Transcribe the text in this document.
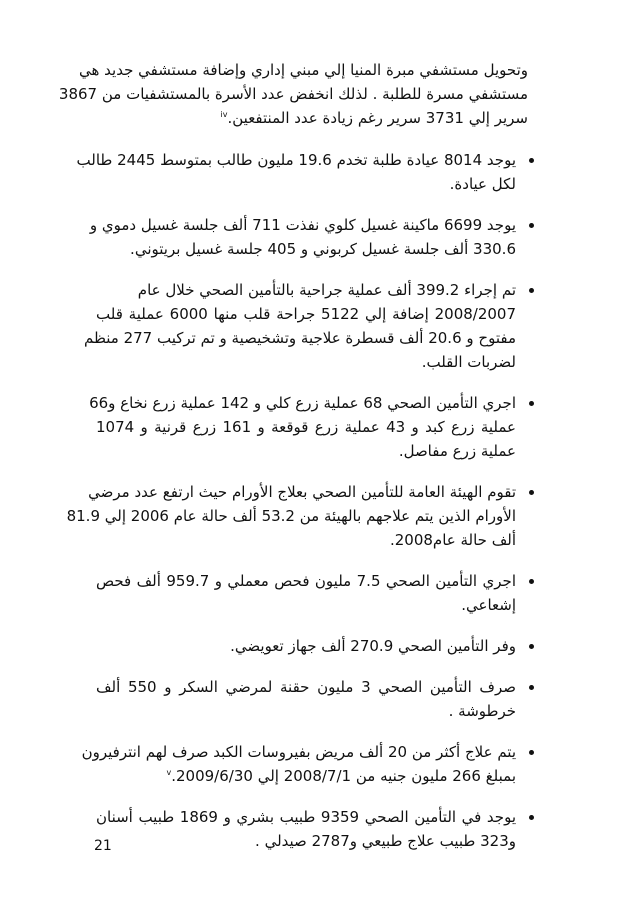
وتحويل مستشفي مبرة المنيا إلي مبني إداري وإضافة مستشفي جديد هي
مستشفي مسرة للطلبة . لذلك انخفض عدد الأسرة بالمستشفيات من 3867
سرير إلي 3731 سرير رغم زيادة عدد المنتفعين.$^{iv}$
يوجد 8014 عيادة طلبة تخدم 19.6 مليون طالب بمتوسط 2445 طالب
لكل عيادة.
يوجد 6699 ماكينة غسيل كلوي نفذت 711 ألف جلسة غسيل دموي و
330.6 ألف جلسة غسيل كربوني و 405 جلسة غسيل بريتوني.
تم إجراء 399.2 ألف عملية جراحية بالتأمين الصحي خلال عام
2008/2007 إضافة إلي 5122 جراحة قلب منها 6000 عملية قلب
مفتوح و 20.6 ألف قسطرة علاجية وتشخيصية و تم تركيب 277 منظم
لضربات القلب.
اجري التأمين الصحي 68 عملية زرع كلي و 142 عملية زرع نخاع و66
عملية زرع كبد و 43 عملية زرع قوقعة و 161 زرع قرنية و 1074
عملية زرع مفاصل.
تقوم الهيئة العامة للتأمين الصحي بعلاج الأورام حيث ارتفع عدد مرضي
الأورام الذين يتم علاجهم بالهيئة من 53.2 ألف حالة عام 2006 إلي 81.9
ألف حالة عام2008.
اجري التأمين الصحي 7.5 مليون فحص معملي و 959.7 ألف فحص
إشعاعي.
وفر التأمين الصحي 270.9 ألف جهاز تعويضي.
صرف التأمين الصحي 3 مليون حقنة لمرضي السكر و 550 ألف
خرطوشة .
يتم علاج أكثر من 20 ألف مريض بفيروسات الكبد صرف لهم انترفيرون
بمبلغ 266 مليون جنيه من 2008/7/1 إلي 2009/6/30.$^v$
يوجد في التأمين الصحي 9359 طبيب بشري و 1869 طبيب أسنان
و323 طبيب علاج طبيعي و2787 صيدلي .
21
